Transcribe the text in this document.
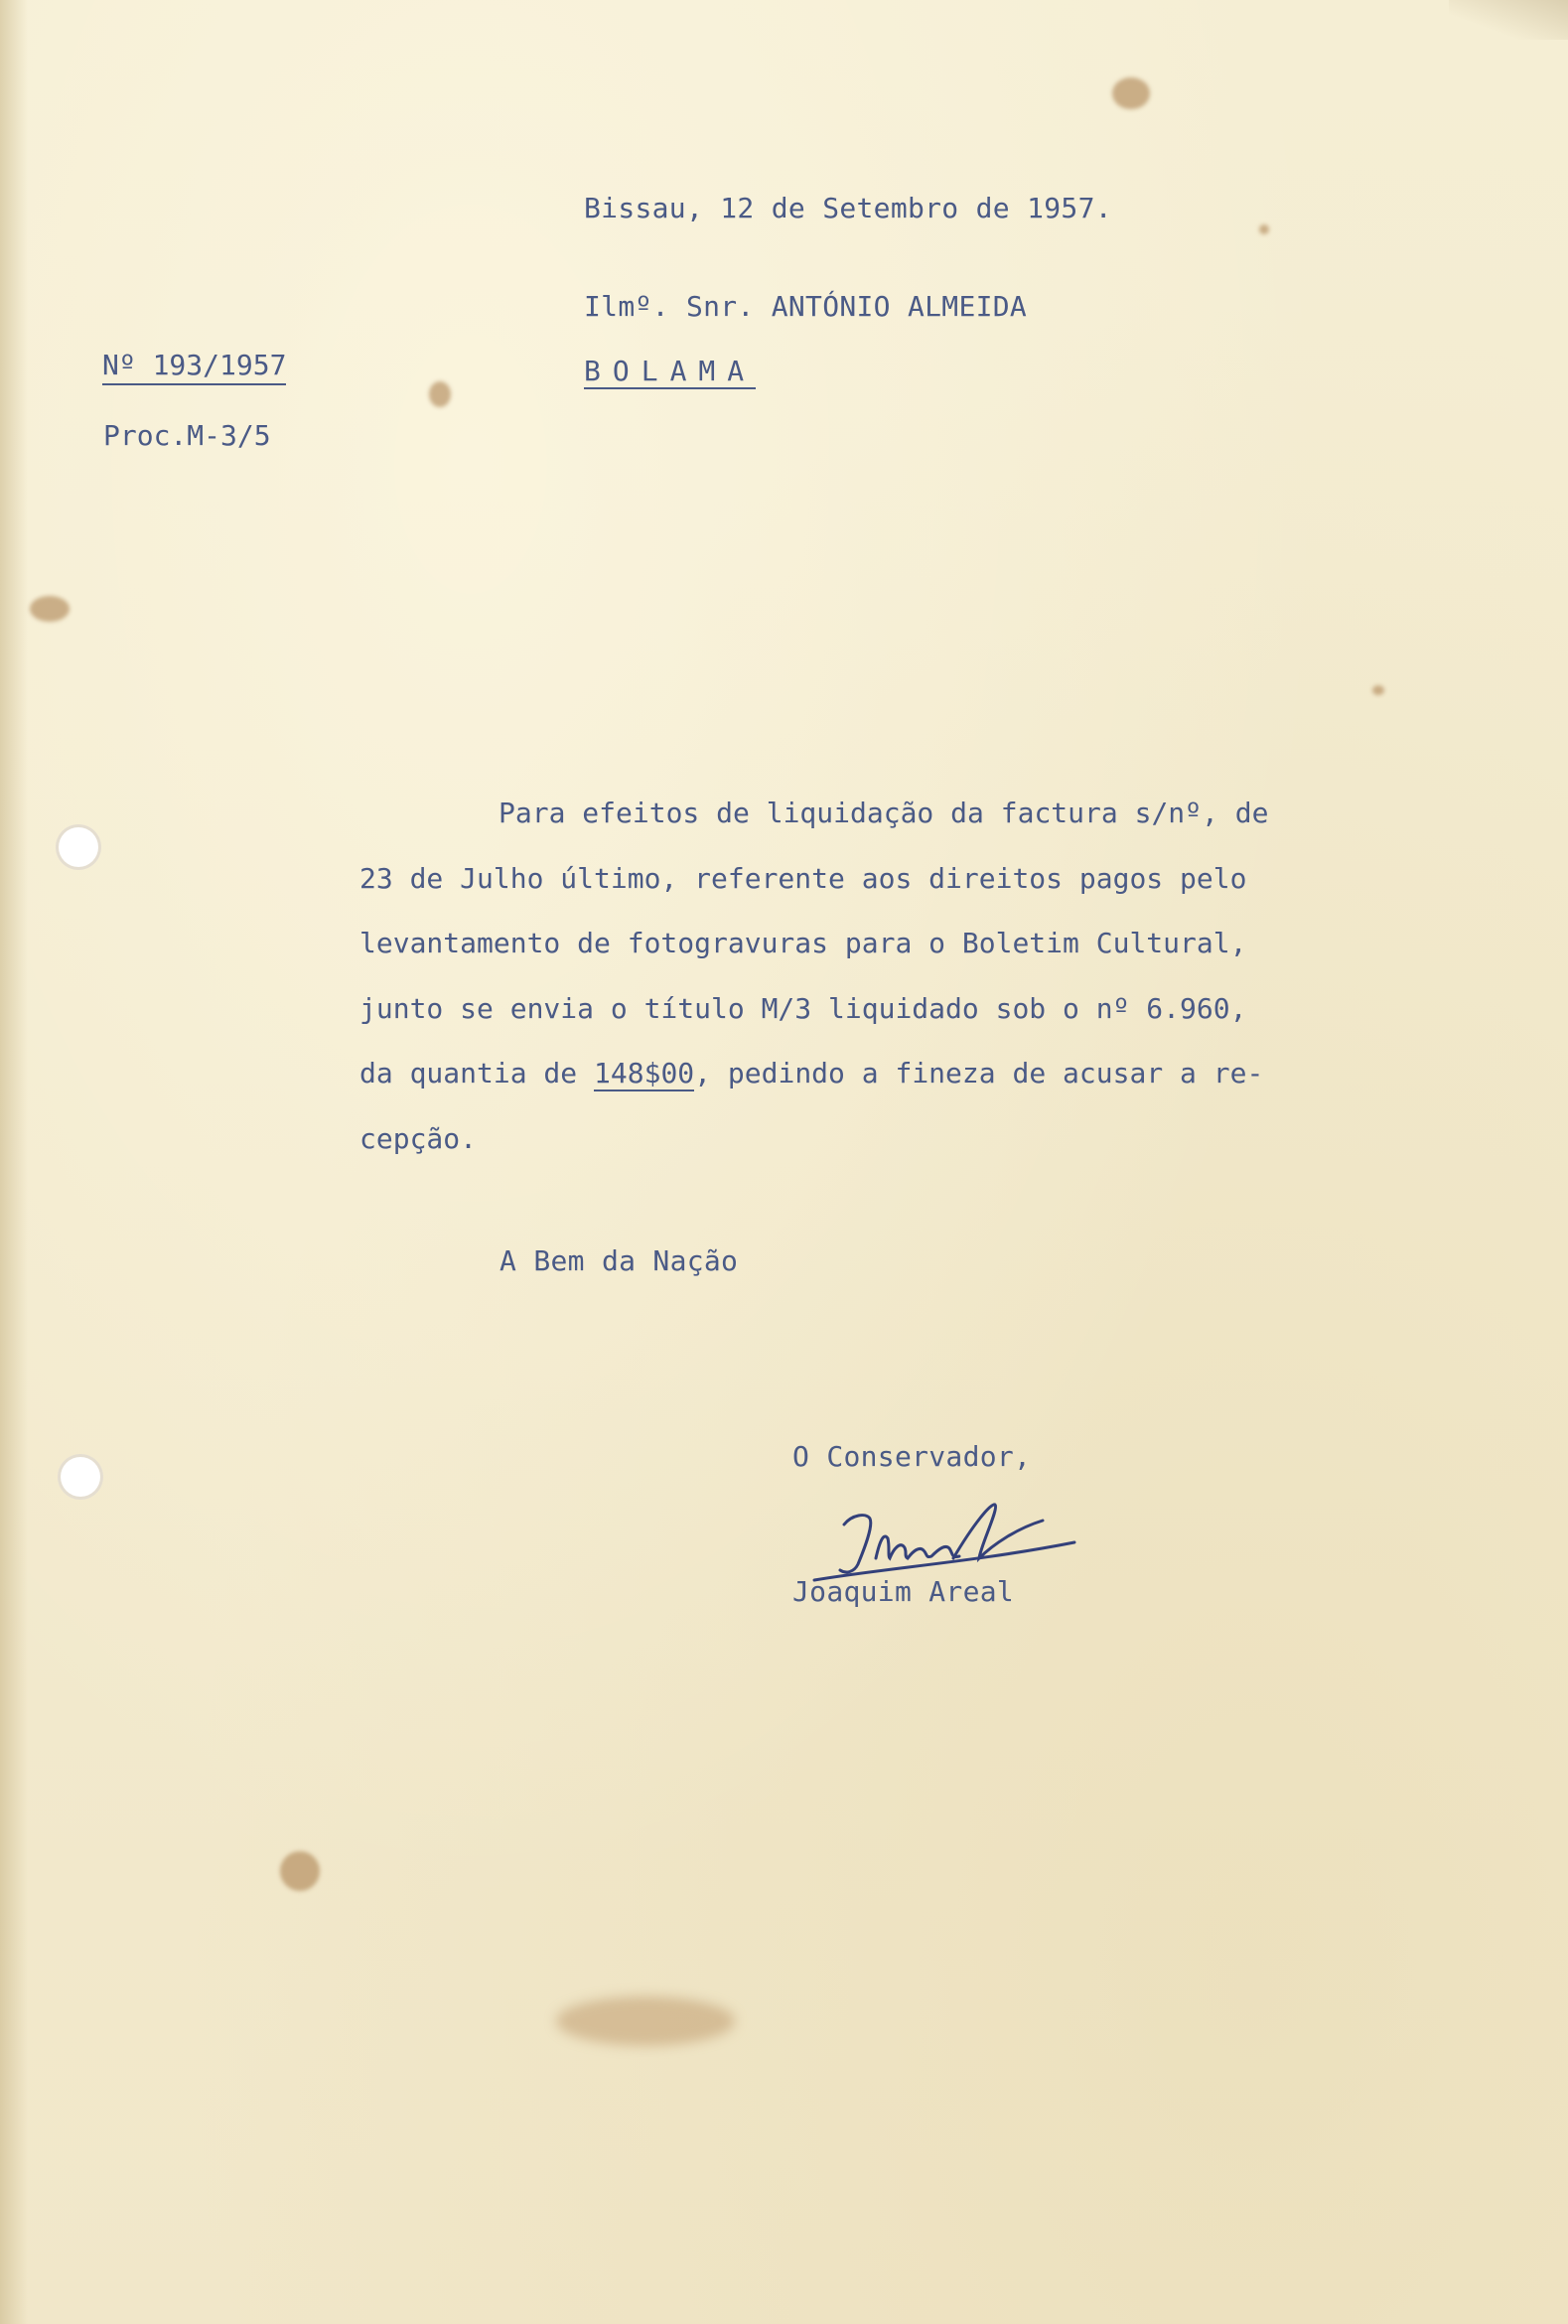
Nº 193/1957
Proc.M-3/5
Bissau, 12 de Setembro de 1957.
Ilmº. Snr. ANTÓNIO ALMEIDA
BOLAMA
Para efeitos de liquidação da factura s/nº, de
23 de Julho último, referente aos direitos pagos pelo
levantamento de fotogravuras para o Boletim Cultural,
junto se envia o título M/3 liquidado sob o nº 6.960,
da quantia de 148$00, pedindo a fineza de acusar a re-
cepção.
A Bem da Nação
O Conservador,
Joaquim Areal
